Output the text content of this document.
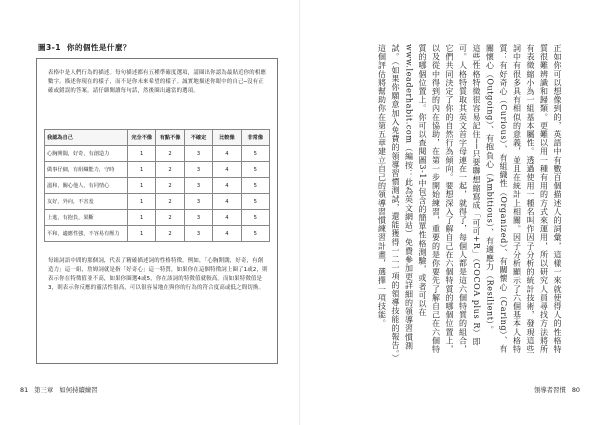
圖3-1 你的個性是什麼？
表格中是人們行為的描述。每句描述都有五種準確度選項，請圈出你認為最貼近你的相應數字。描述你現在的樣子，而不是你未來希望的樣子。誠實地描述你眼中的自己─沒有正確或錯誤的答案。請仔細閱讀每句話，然後圈出適當的選項。
我認為自己	完全不像	有點不像	不確定	比較像	非常像
心胸開闊，好奇，有創造力	1	2	3	4	5
做事仔細，有組織能力，守時	1	2	3	4	5
溫和，關心他人，有同情心	1	2	3	4	5
友好，外向，不害羞	1	2	3	4	5
上進，有抱負，果斷	1	2	3	4	5
平和，適應性強，不容易有壓力	1	2	3	4	5
每組詞語中間的那個詞，代表了精確描述詞的性格特徵。例如，「心胸開闊，好奇，有創造力」這一組，詹姆詞就是指「好奇心」這一特質，如果你在這個特徵詞上圈了1或2，則表示你在特徵值並不高，如果你圈選4或5，你在該詞的特徵值就較高。而如果特徵值是3，則表示你反應的靈活性很高，可以很容易地在與你的行為的符合度高或低之間切換。
81 第三章 如何持續練習

正如你可以想像到的，英語中有數百個描述人的詞彙，這樣一來就使得人的性格特質很難辨識和歸類。更難以用一種有用的方式來運用，所以研究人員尋找方法將所有表徵縮小為一組基本屬性。透過使用一種名叫作因子分析的統計技術，發現這些詞中有很多具有相似的意義，並且在統計上相關。因子分析顯示了六個基本人格特質：有好奇心（Curious）、有組織性（Organized）、有關懷心（Caring）、有關懷心（Outgoing）、有抱負心（Ambitious）、有適應力（Resilient）。

這些性格特徵很容易記住──只要聯想縮寫成「可可+R」（COCOA plus R）即可。人格特質取其英文首字母連在一起，就得了，每個人都是這六個特質的組合，它們共同決定了你的自然行為傾向。要想深入了解自己在六個特質的哪個位置上，以及從中得到的內在協助，在第一步開始練習，重要的是你要先了解自己在六個特質的哪個位置上。你可以查閱圖3-1中包含的簡單性格測驗，或者可以在www.leaderhabit.com（編按：此為英文網站）免費參加更詳細的領導習慣測試。（如果你願意加入免費的領導習慣測試，還能獲得一二一項的領導技能的報告。）這個評估將幫助你在第五章建立自己的領導習慣練習計畫，選擇一項技能。

領導者習慣 80
